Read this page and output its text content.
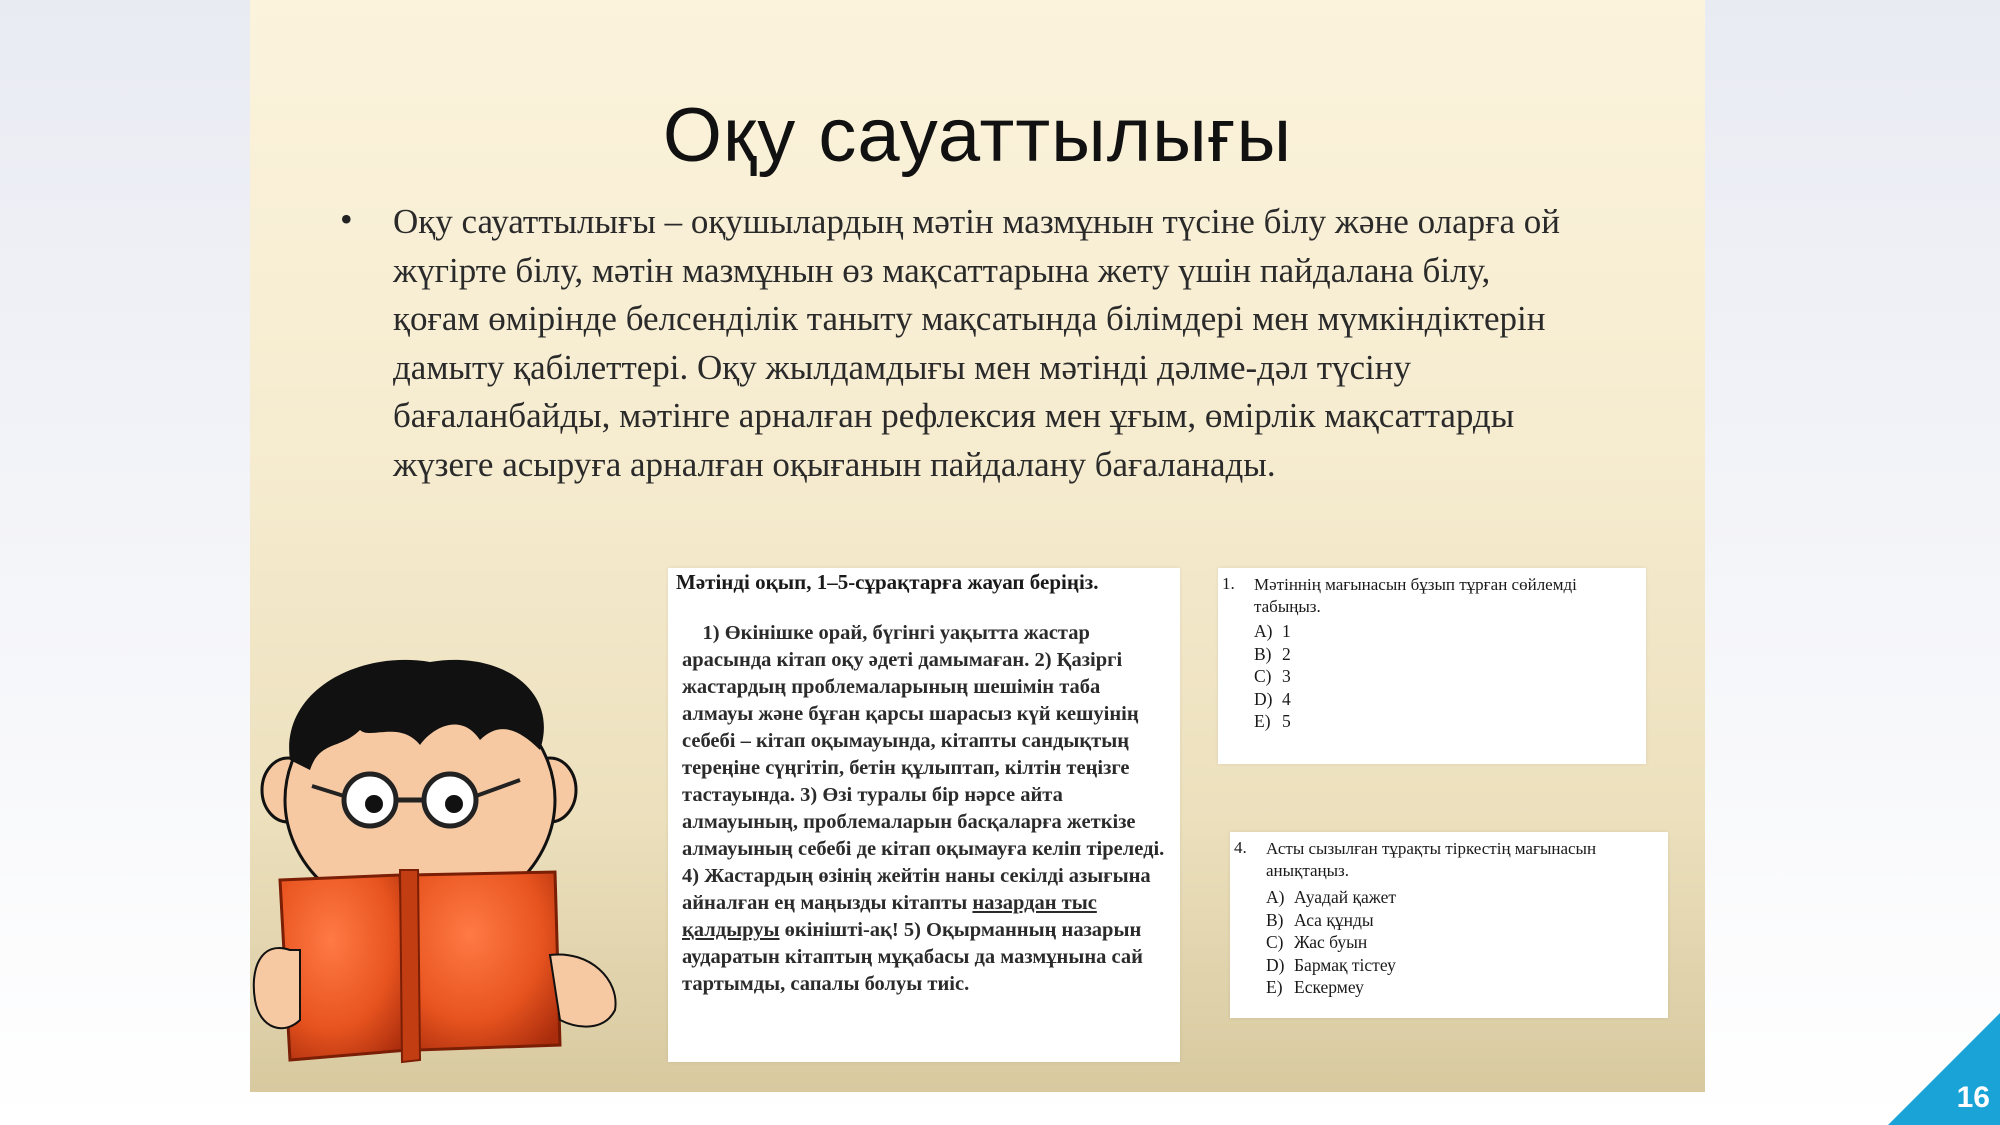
Оқу сауаттылығы
• Оқу сауаттылығы – оқушылардың мәтін мазмұнын түсіне білу және оларға ой жүгірте білу, мәтін мазмұнын өз мақсаттарына жету үшін пайдалана білу, қоғам өмірінде белсенділік таныту мақсатында білімдері мен мүмкіндіктерін дамыту қабілеттері. Оқу жылдамдығы мен мәтінді дәлме-дәл түсіну бағаланбайды, мәтінге арналған рефлексия мен ұғым, өмірлік мақсаттарды жүзеге асыруға арналған оқығанын пайдалану бағаланады.
Мәтінді оқып, 1–5-сұрақтарға жауап беріңіз.
1) Өкінішке орай, бүгінгі уақытта жастар арасында кітап оқу әдеті дамымаған. 2) Қазіргі жастардың проблемаларының шешімін таба алмауы және бұған қарсы шарасыз күй кешуінің себебі – кітап оқымауында, кітапты сандықтың тереңіне сүңгітіп, бетін құлыптап, кілтін теңізге тастауында. 3) Өзі туралы бір нәрсе айта алмауының, проблемаларын басқаларға жеткізе алмауының себебі де кітап оқымауға келіп тіреледі. 4) Жастардың өзінің жейтін наны секілді азығына айналған ең маңызды кітапты назардан тыс қалдыруы өкінішті-ақ! 5) Оқырманның назарын аударатын кітаптың мұқабасы да мазмұнына сай тартымды, сапалы болуы тиіс.
1. Мәтіннің мағынасын бұзып тұрған сөйлемді табыңыз.
A) 1
B) 2
C) 3
D) 4
E) 5
4. Асты сызылған тұрақты тіркестің мағынасын анықтаңыз.
A) Ауадай қажет
B) Аса құнды
C) Жас буын
D) Бармақ тістеу
E) Ескермеу
16
